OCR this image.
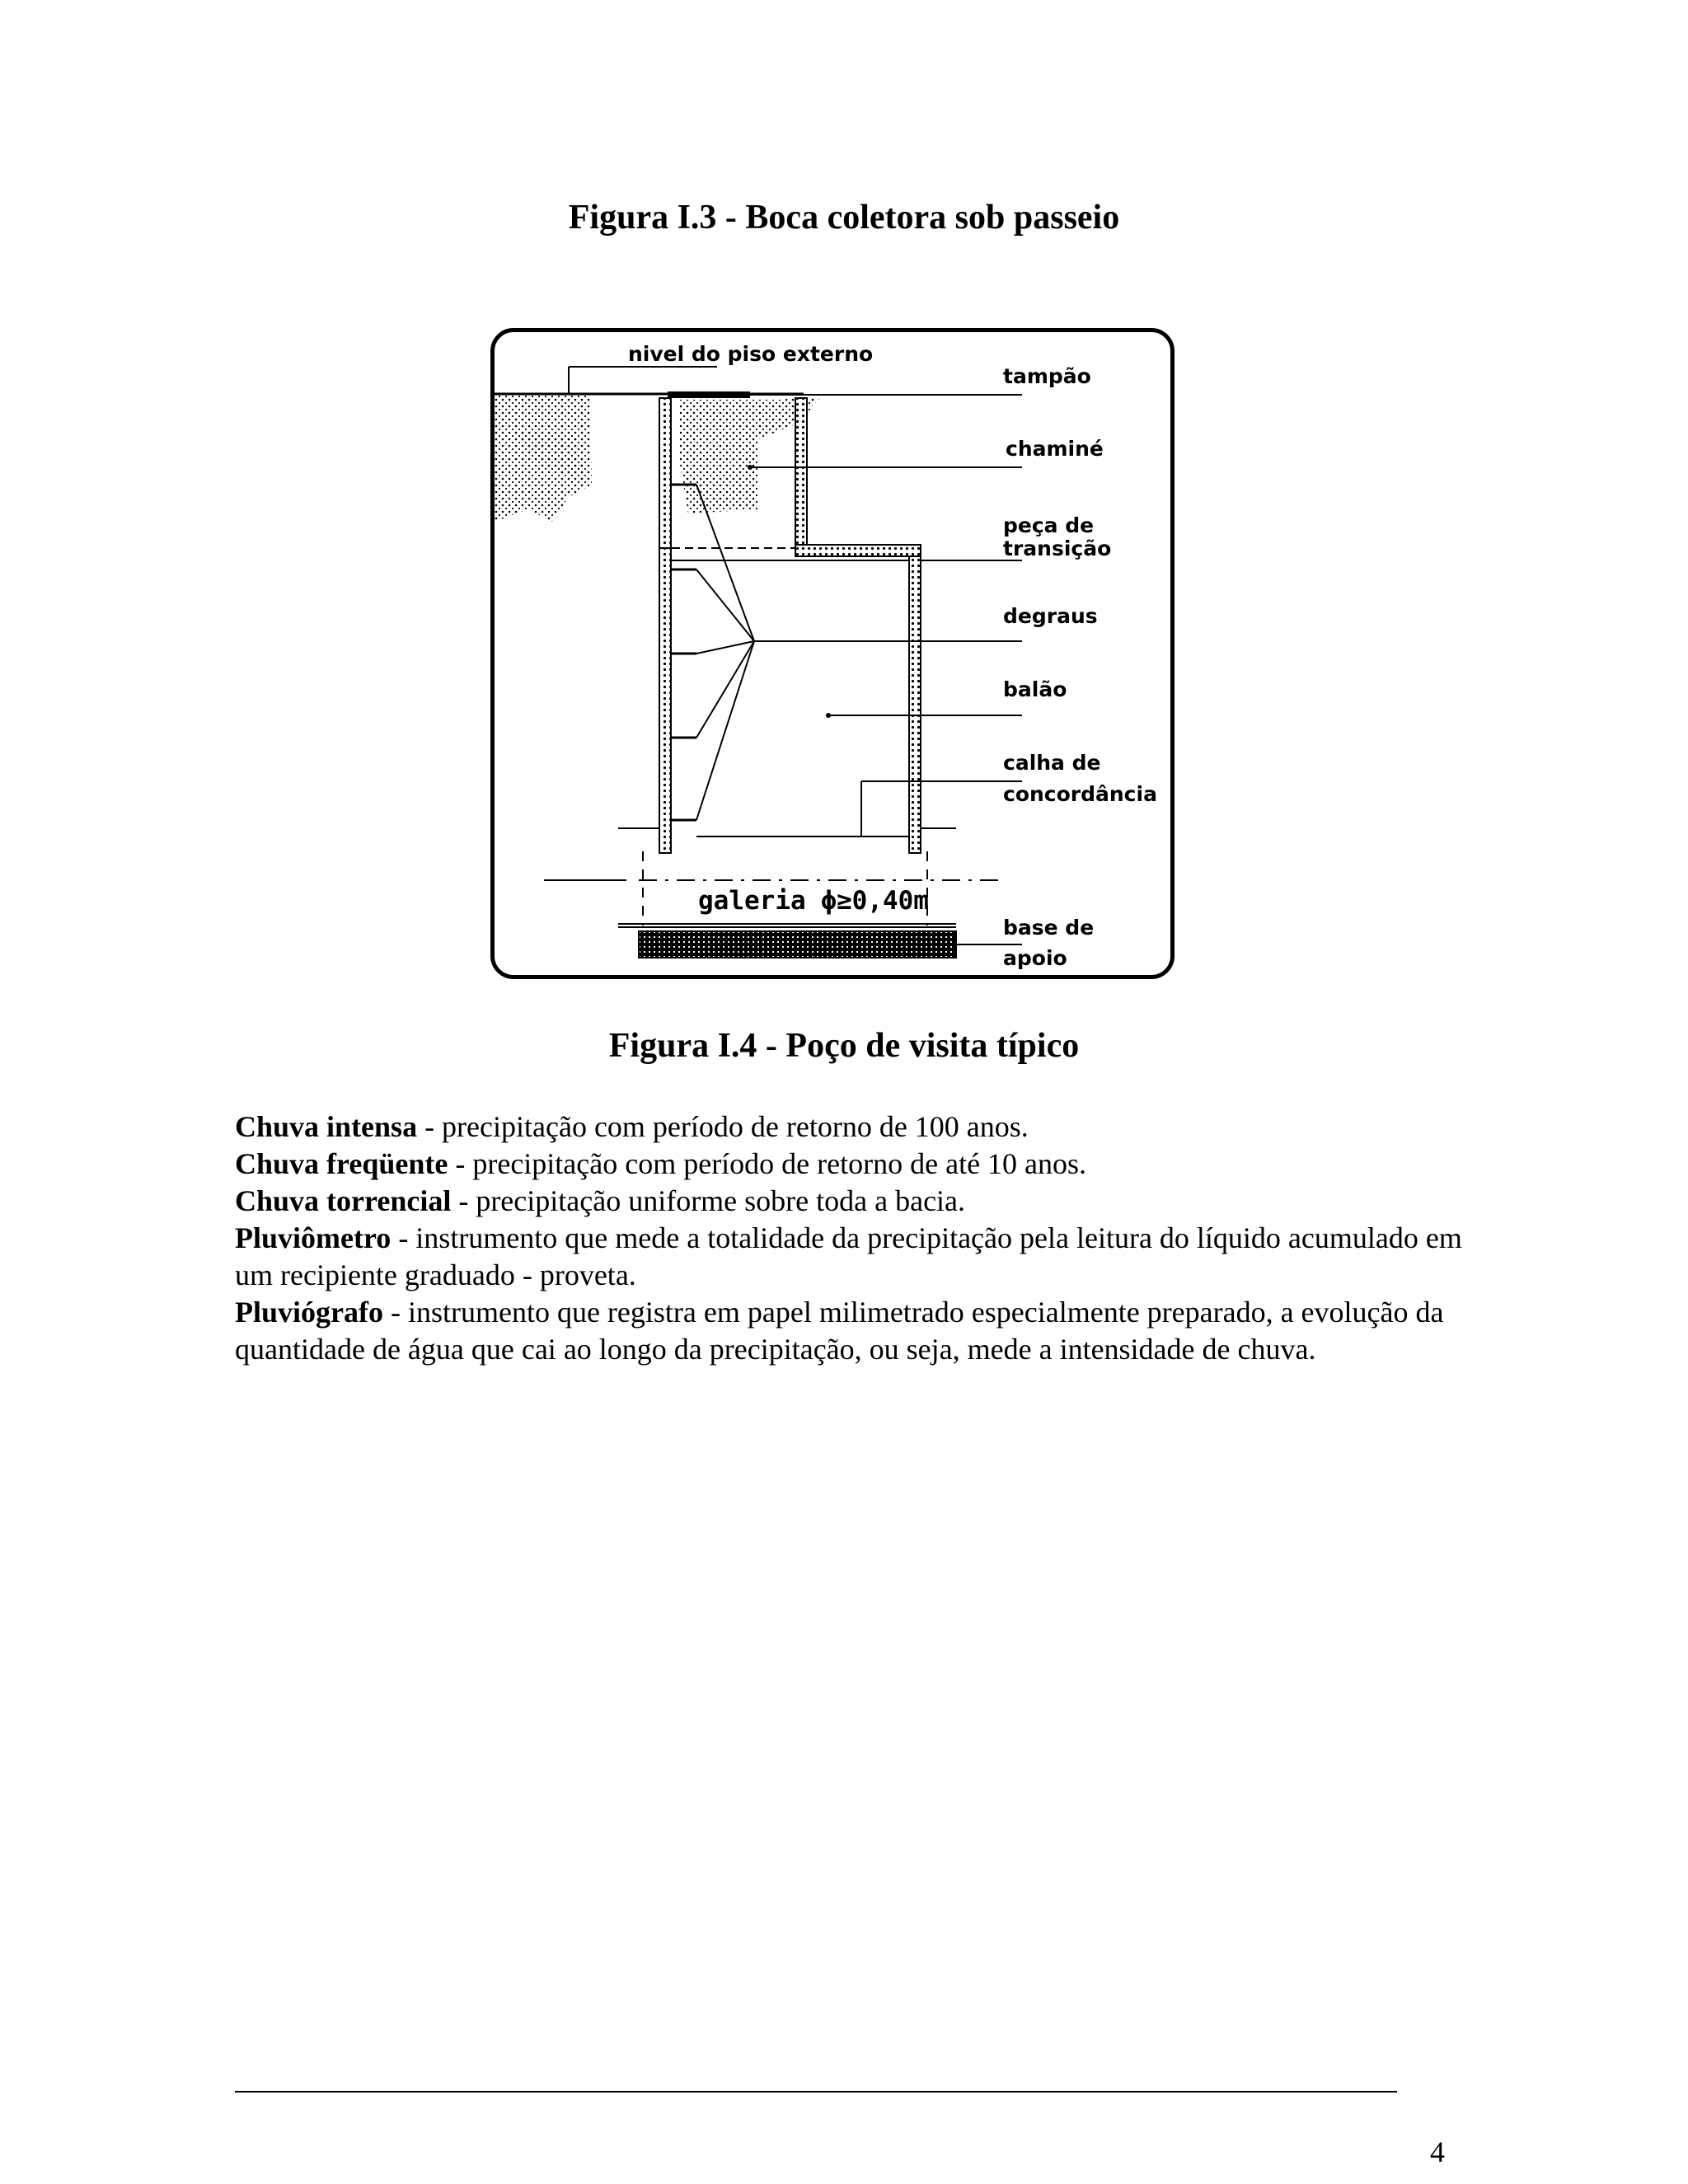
Figura I.3 - Boca coletora sob passeio
nivel do piso externo
tampão
chaminé
peça de
transição
degraus
balão
calha de
concordância
galeria ϕ≥0,40m
base de
apoio
Figura I.4 - Poço de visita típico

Chuva intensa - precipitação com período de retorno de 100 anos.

Chuva freqüente - precipitação com período de retorno de até 10 anos.

Chuva torrencial - precipitação uniforme sobre toda a bacia.

Pluviômetro - instrumento que mede a totalidade da precipitação pela leitura do líquido acumulado em um recipiente graduado - proveta.

Pluviógrafo - instrumento que registra em papel milimetrado especialmente preparado, a evolução da quantidade de água que cai ao longo da precipitação, ou seja, mede a intensidade de chuva.

4
